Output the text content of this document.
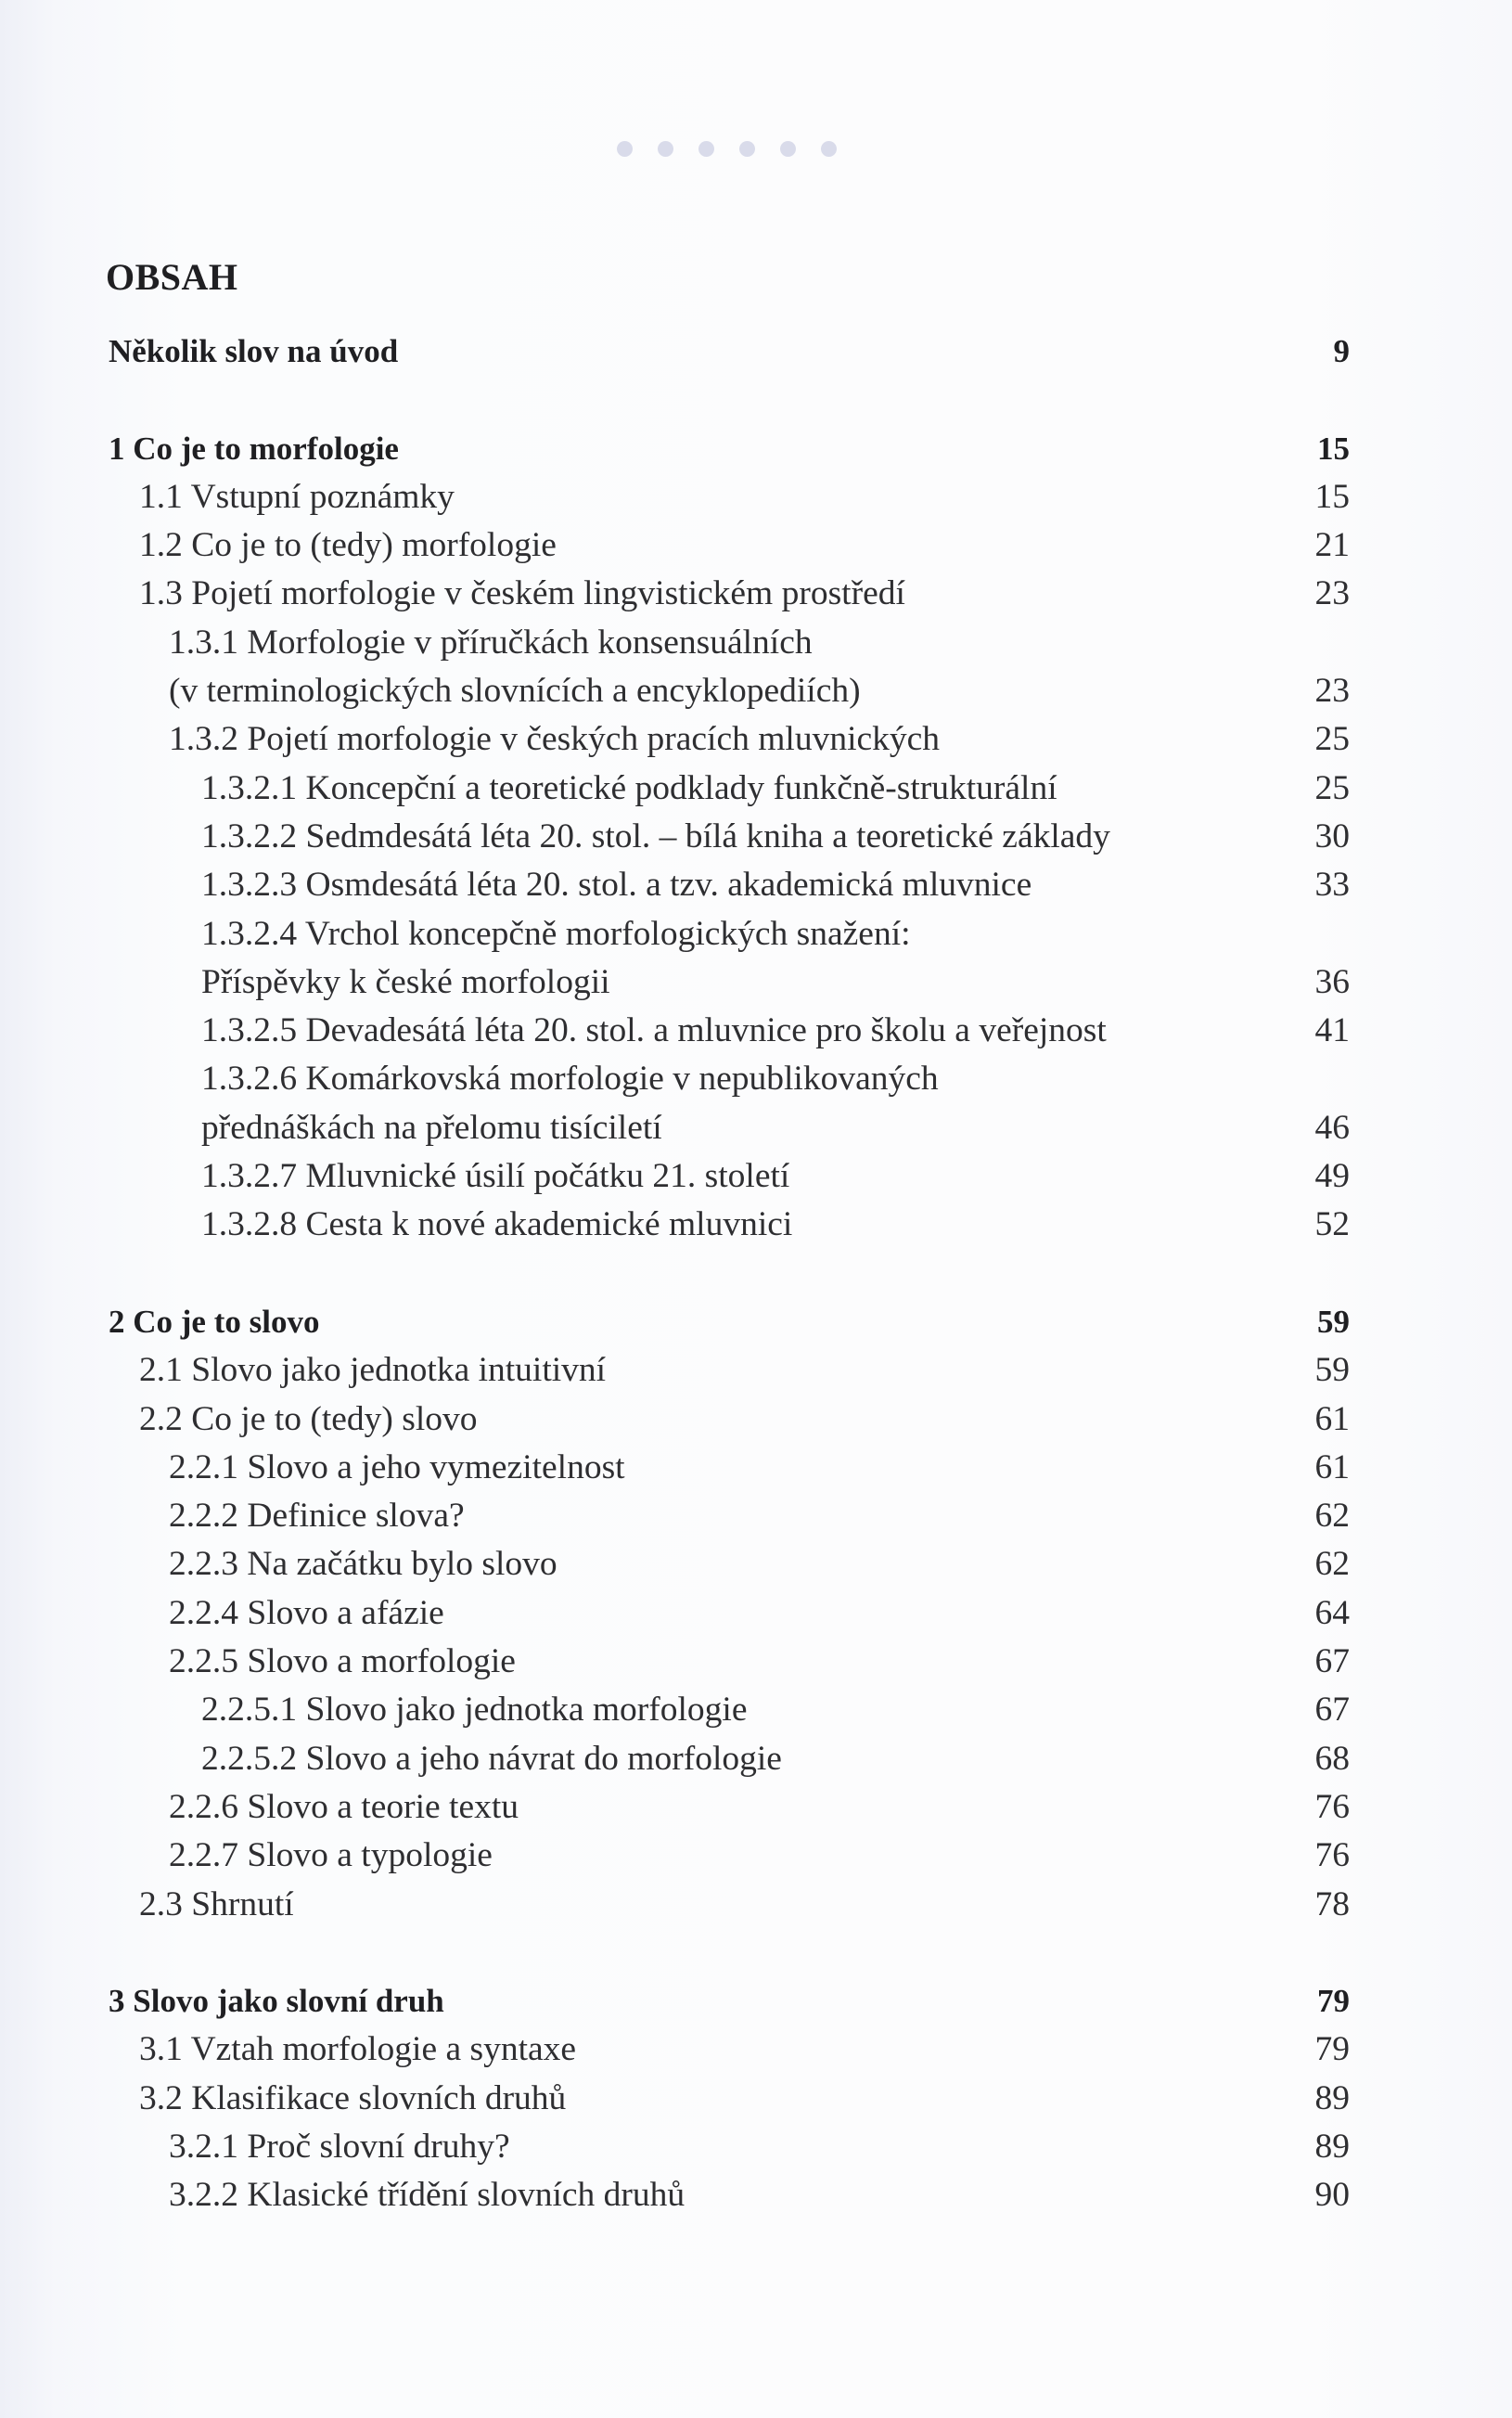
OBSAH
Několik slov na úvod	9
1 Co je to morfologie	15
1.1 Vstupní poznámky	15
1.2 Co je to (tedy) morfologie	21
1.3 Pojetí morfologie v českém lingvistickém prostředí	23
1.3.1 Morfologie v příručkách konsensuálních
(v terminologických slovnících a encyklopediích)	23
1.3.2 Pojetí morfologie v českých pracích mluvnických	25
1.3.2.1 Koncepční a teoretické podklady funkčně-strukturální	25
1.3.2.2 Sedmdesátá léta 20. stol. – bílá kniha a teoretické základy	30
1.3.2.3 Osmdesátá léta 20. stol. a tzv. akademická mluvnice	33
1.3.2.4 Vrchol koncepčně morfologických snažení:
Příspěvky k české morfologii	36
1.3.2.5 Devadesátá léta 20. stol. a mluvnice pro školu a veřejnost	41
1.3.2.6 Komárkovská morfologie v nepublikovaných
přednáškách na přelomu tisíciletí	46
1.3.2.7 Mluvnické úsilí počátku 21. století	49
1.3.2.8 Cesta k nové akademické mluvnici	52
2 Co je to slovo	59
2.1 Slovo jako jednotka intuitivní	59
2.2 Co je to (tedy) slovo	61
2.2.1 Slovo a jeho vymezitelnost	61
2.2.2 Definice slova?	62
2.2.3 Na začátku bylo slovo	62
2.2.4 Slovo a afázie	64
2.2.5 Slovo a morfologie	67
2.2.5.1 Slovo jako jednotka morfologie	67
2.2.5.2 Slovo a jeho návrat do morfologie	68
2.2.6 Slovo a teorie textu	76
2.2.7 Slovo a typologie	76
2.3 Shrnutí	78
3 Slovo jako slovní druh	79
3.1 Vztah morfologie a syntaxe	79
3.2 Klasifikace slovních druhů	89
3.2.1 Proč slovní druhy?	89
3.2.2 Klasické třídění slovních druhů	90
